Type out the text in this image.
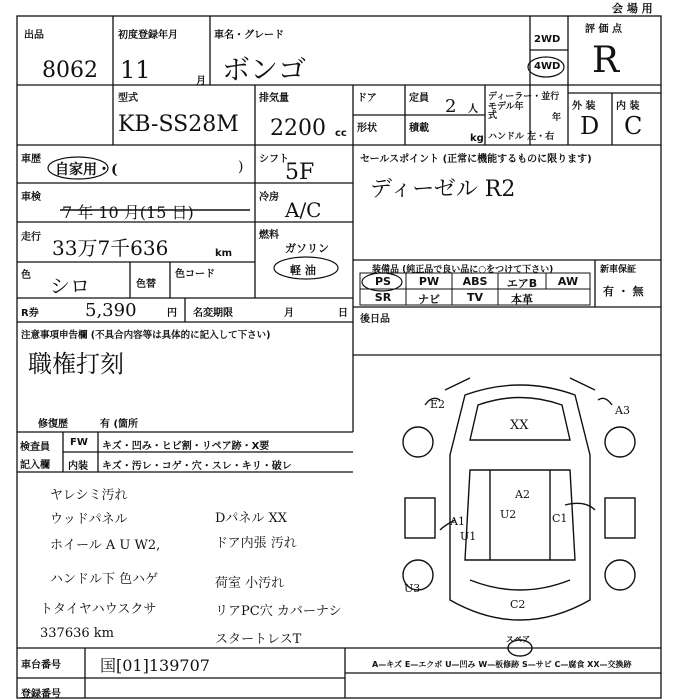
会 場 用
出品
8062
初度登録年月
11	月
車名・グレード
ボンゴ
2WD
4WD
評 価 点
R
外 装 内 装
D C
型式
KB-SS28M
排気量
2200 cc
ドア
形状
定員 2 人
積載
kg
ディーラー・並行
モデル年式	年
ハンドル 左・右
車歴
自家用・(	) シフト
5F
車検
7 年 10 月(15 日)
冷房
A/C
走行 33万7千636	km
燃料
ガソリン
軽 油
色 シロ	色替
色コード
R券	5,390	円 名変期限	月	日
セールスポイント (正常に機能するものに限ります)
ディーゼル R2
装備品 (純正品で良い品に○をつけて下さい)
PS	PW	ABS	エアB	AW
SR	ナビ	TV	本革
新車保証
有 ・ 無
後日品
注意事項申告欄 (不具合内容等は具体的に記入して下さい)
職権打刻
修復歴	有 (箇所
検査員
記入欄
FW キズ・凹み・ヒビ割・リペア跡・X要
内装 キズ・汚レ・コゲ・穴・スレ・キリ・破レ
ヤレシミ汚れ
ウッドパネル
ホイール A U W2,
ハンドル下 色ハゲ
トタイヤハウスクサ
337636 km
Dパネル XX
ドア内張 汚れ
荷室 小汚れ
リアPC穴 カバーナシ
スタートレスT
XX
A2
U2
U1
A1
E2	A3
U3
C2
C1
スペア
車台番号 国[01]139707	A—キズ E—エクボ U—凹み W—板修跡 S—サビ C—腐食 XX—交換跡
登録番号
